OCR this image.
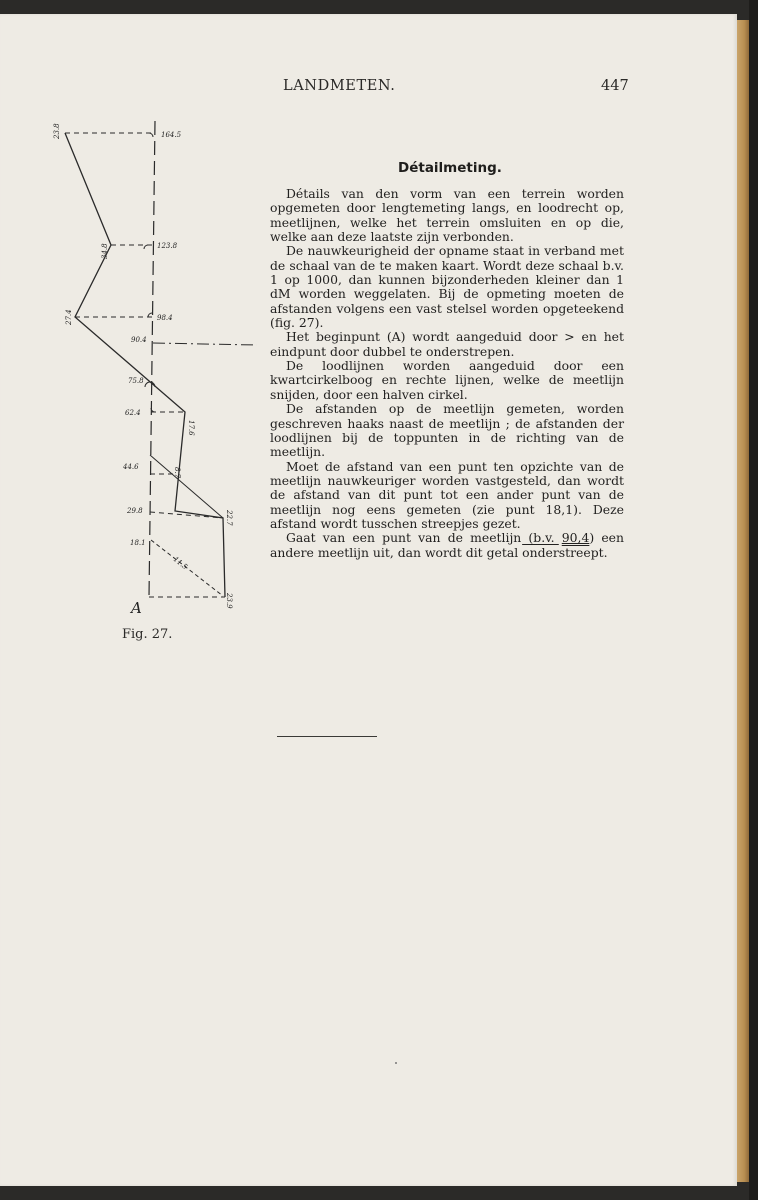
LANDMETEN.	447
Détailmeting.

Détails van den vorm van een terrein worden opgemeten door lengtemeting langs, en loodrecht op, meetlijnen, welke het terrein omsluiten en op die, welke aan deze laatste zijn verbonden.

De nauwkeurigheid der opname staat in verband met de schaal van de te maken kaart. Wordt deze schaal b.v. 1 op 1000, dan kunnen bijzonderheden kleiner dan 1 dM worden weggelaten. Bij de opmeting moeten de afstanden volgens een vast stelsel worden opgeteekend (fig. 27).

Het beginpunt (A) wordt aangeduid door > en het eindpunt door dubbel te onderstrepen.

De loodlijnen worden aangeduid door een kwartcirkelboog en rechte lijnen, welke de meetlijn snijden, door een halven cirkel.

De afstanden op de meetlijn gemeten, worden geschreven haaks naast de meetlijn ; de afstanden der loodlijnen bij de toppunten in de richting van de meetlijn.

Moet de afstand van een punt ten opzichte van de meetlijn nauwkeuriger worden vastgesteld, dan wordt de afstand van dit punt tot een ander punt van de meetlijn nog eens gemeten (zie punt 18,1). Deze afstand wordt tusschen streepjes gezet.

Gaat van een punt van de meetlijn (b.v. 90,4) een andere meetlijn uit, dan wordt dit getal onderstreept.

164.5
123.8
98.4
90.4
75.8
62.4
44.6
29.8
18.1
23.8
34.8
27.4
17.6
8.7
22.7
23.9
11.5
A
Fig. 27.
